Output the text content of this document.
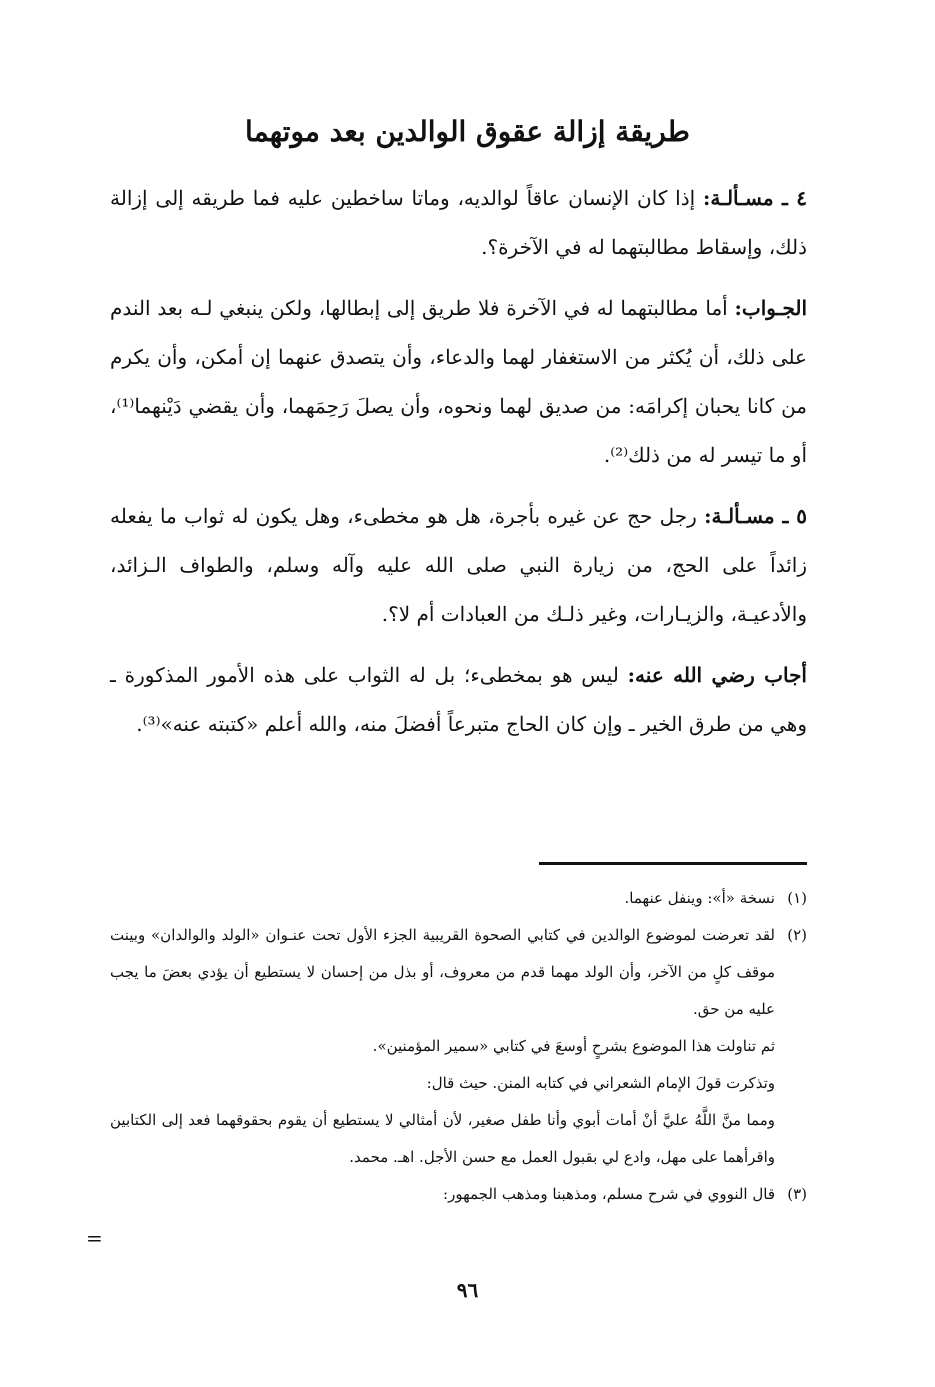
طريقة إزالة عقوق الوالدين بعد موتهما

٤ ـ مسـألـة: إذا كان الإنسان عاقاً لوالديه، وماتا ساخطين عليه فما طريقه إلى إزالة ذلك، وإسقاط مطالبتهما له في الآخرة؟.

الجـواب: أما مطالبتهما له في الآخرة فلا طريق إلى إبطالها، ولكن ينبغي لـه بعد الندم على ذلك، أن يُكثر من الاستغفار لهما والدعاء، وأن يتصدق عنهما إن أمكن، وأن يكرم من كانا يحبان إكرامَه: من صديق لهما ونحوه، وأن يصلَ رَحِمَهما، وأن يقضي دَيْنهما⁽¹⁾، أو ما تيسر له من ذلك⁽²⁾.

٥ ـ مسـألـة: رجل حج عن غيره بأجرة، هل هو مخطىء، وهل يكون له ثواب ما يفعله زائداً على الحج، من زيارة النبي صلى الله عليه وآله وسلم، والطواف الـزائد، والأدعيـة، والزيـارات، وغير ذلـك من العبادات أم لا؟.

أجاب رضي الله عنه: ليس هو بمخطىء؛ بل له الثواب على هذه الأمور المذكورة ـ وهي من طرق الخير ـ وإن كان الحاج متبرعاً أفضلَ منه، والله أعلم «كتبته عنه»⁽³⁾.

(١)
نسخة «أ»: وينفل عنهما.
(٢)
لقد تعرضت لموضوع الوالدين في كتابي الصحوة القريبية الجزء الأول تحت عنـوان «الولد والوالدان» وبينت موقف كلٍ من الآخر، وأن الولد مهما قدم من معروف، أو بذل من إحسان لا يستطيع أن يؤدي بعضَ ما يجب عليه من حق.
ثم تناولت هذا الموضوع بشرحٍ أوسعَ في كتابي «سمير المؤمنين».
وتذكرت قولَ الإمام الشعراني في كتابه المنن. حيث قال:
ومما منَّ اللَّهُ عليَّ أنْ أمات أبوي وأنا طفل صغير، لأن أمثالي لا يستطيع أن يقوم بحقوقهما فعد إلى الكتابين واقرأهما على مهل، وادع لي بقبول العمل مع حسن الأجل. اهـ. محمد.
(٣)
قال النووي في شرح مسلم، ومذهبنا ومذهب الجمهور:
=
٩٦
